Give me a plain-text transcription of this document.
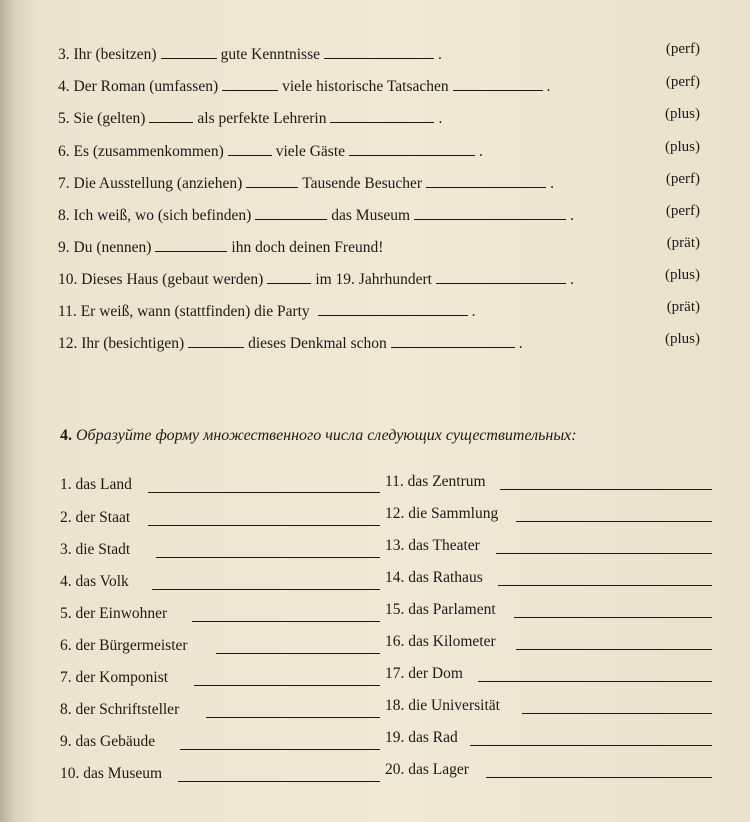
3. Ihr (besitzen)	gute Kenntnisse	.	(perf)
4. Der Roman (umfassen)	viele historische Tatsachen	.	(perf)
5. Sie (gelten)	als perfekte Lehrerin	.	(plus)
6. Es (zusammenkommen)	viele Gäste	.	(plus)
7. Die Ausstellung (anziehen)	Tausende Besucher	.	(perf)
8. Ich weiß, wo (sich befinden)	das Museum	.	(perf)
9. Du (nennen)	ihn doch deinen Freund!	(prät)
10. Dieses Haus (gebaut werden)	im 19. Jahrhundert	.	(plus)
11. Er weiß, wann (stattfinden) die Party	.	(prät)
12. Ihr (besichtigen)	dieses Denkmal schon	.	(plus)
4. Образуйте форму множественного числа следующих существительных:
1. das Land
2. der Staat
3. die Stadt
4. das Volk
5. der Einwohner
6. der Bürgermeister
7. der Komponist
8. der Schriftsteller
9. das Gebäude
10. das Museum
11. das Zentrum
12. die Sammlung
13. das Theater
14. das Rathaus
15. das Parlament
16. das Kilometer
17. der Dom
18. die Universität
19. das Rad
20. das Lager
